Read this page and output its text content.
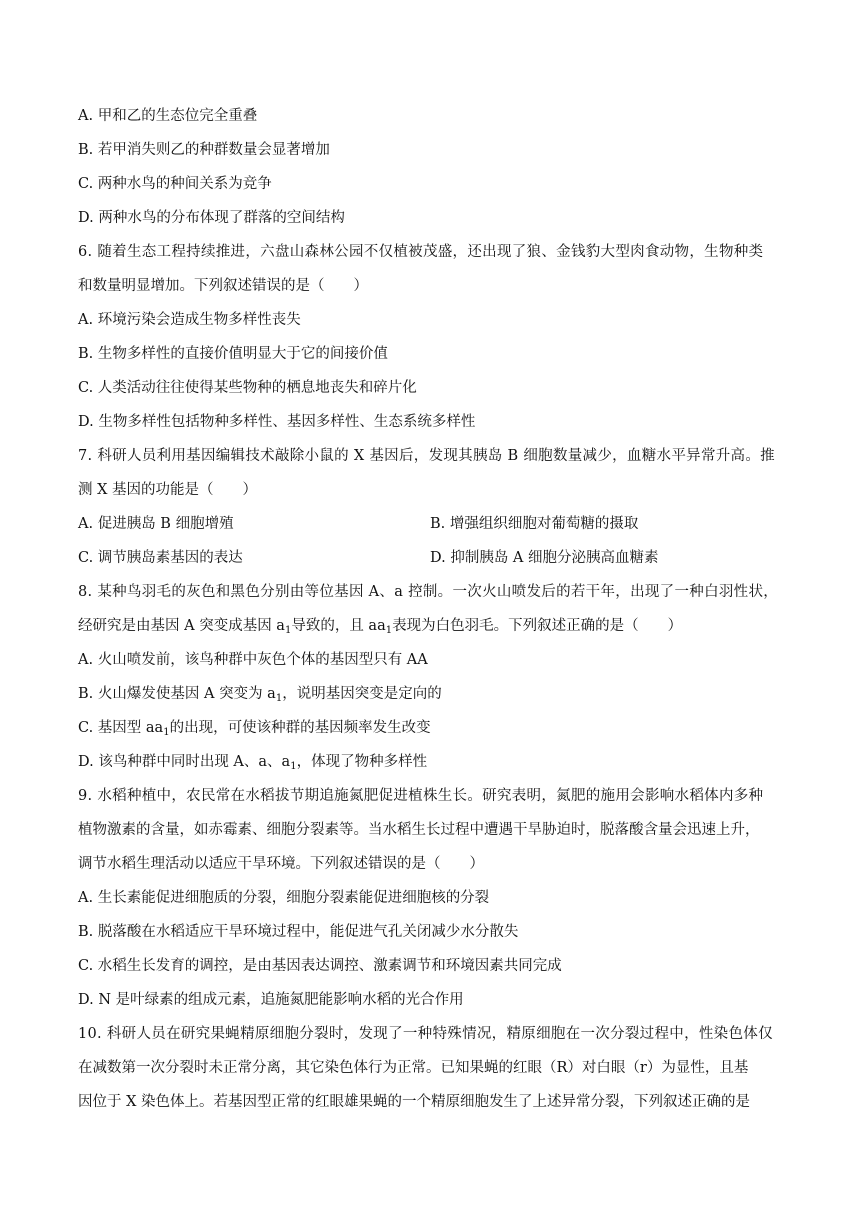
A. 甲和乙的生态位完全重叠
B. 若甲消失则乙的种群数量会显著增加
C. 两种水鸟的种间关系为竞争
D. 两种水鸟的分布体现了群落的空间结构
6. 随着生态工程持续推进，六盘山森林公园不仅植被茂盛，还出现了狼、金钱豹大型肉食动物，生物种类
和数量明显增加。下列叙述错误的是（　　）
A. 环境污染会造成生物多样性丧失
B. 生物多样性的直接价值明显大于它的间接价值
C. 人类活动往往使得某些物种的栖息地丧失和碎片化
D. 生物多样性包括物种多样性、基因多样性、生态系统多样性
7. 科研人员利用基因编辑技术敲除小鼠的 X 基因后，发现其胰岛 B 细胞数量减少，血糖水平异常升高。推
测 X 基因的功能是（　　）
A. 促进胰岛 B 细胞增殖	B. 增强组织细胞对葡萄糖的摄取
C. 调节胰岛素基因的表达	D. 抑制胰岛 A 细胞分泌胰高血糖素
8. 某种鸟羽毛的灰色和黑色分别由等位基因 A、a 控制。一次火山喷发后的若干年，出现了一种白羽性状，
经研究是由基因 A 突变成基因 $a_1$导致的，且 $aa_1$表现为白色羽毛。下列叙述正确的是（　　）
A. 火山喷发前，该鸟种群中灰色个体的基因型只有 AA
B. 火山爆发使基因 A 突变为 $a_1$，说明基因突变是定向的
C. 基因型 $aa_1$的出现，可使该种群的基因频率发生改变
D. 该鸟种群中同时出现 A、a、$a_1$，体现了物种多样性
9. 水稻种植中，农民常在水稻拔节期追施氮肥促进植株生长。研究表明，氮肥的施用会影响水稻体内多种
植物激素的含量，如赤霉素、细胞分裂素等。当水稻生长过程中遭遇干旱胁迫时，脱落酸含量会迅速上升，
调节水稻生理活动以适应干旱环境。下列叙述错误的是（　　）
A. 生长素能促进细胞质的分裂，细胞分裂素能促进细胞核的分裂
B. 脱落酸在水稻适应干旱环境过程中，能促进气孔关闭减少水分散失
C. 水稻生长发育的调控，是由基因表达调控、激素调节和环境因素共同完成
D. N 是叶绿素的组成元素，追施氮肥能影响水稻的光合作用
10. 科研人员在研究果蝇精原细胞分裂时，发现了一种特殊情况，精原细胞在一次分裂过程中，性染色体仅
在减数第一次分裂时未正常分离，其它染色体行为正常。已知果蝇的红眼（R）对白眼（r）为显性，且基
因位于 X 染色体上。若基因型正常的红眼雄果蝇的一个精原细胞发生了上述异常分裂，下列叙述正确的是
